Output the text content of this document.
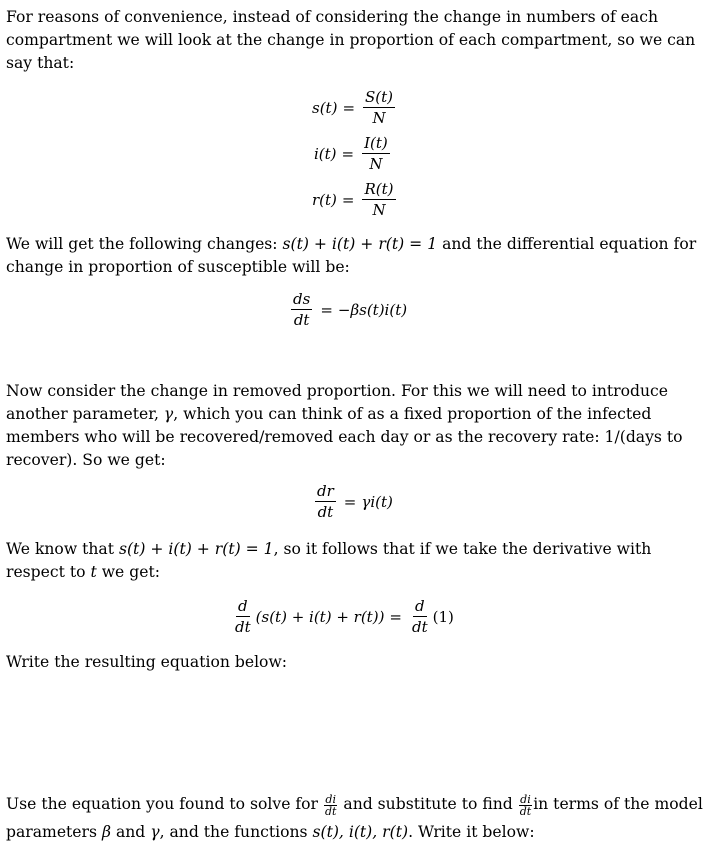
For reasons of convenience, instead of considering the change in numbers of each compartment we will look at the change in proportion of each compartment, so we can say that:

$s(t) = \frac{S(t)}{N}$
$i(t) = \frac{I(t)}{N}$
$r(t) = \frac{R(t)}{N}$

We will get the following changes: s(t) + i(t) + r(t) = 1 and the differential equation for change in proportion of susceptible will be:

$\frac{ds}{dt} = -\beta s(t)i(t)$

Now consider the change in removed proportion. For this we will need to introduce another parameter, γ, which you can think of as a fixed proportion of the infected members who will be recovered/removed each day or as the recovery rate: 1/(days to recover). So we get:

$\frac{dr}{dt} = \gamma i(t)$

We know that s(t) + i(t) + r(t) = 1, so it follows that if we take the derivative with respect to t we get:

$\frac{d}{dt} (s(t) + i(t) + r(t)) = \frac{d}{dt} (1)$

Write the resulting equation below:

Use the equation you found to solve for $\frac{di}{dt}$ and substitute to find $\frac{di}{dt}$ in terms of the model parameters β and γ, and the functions s(t), i(t), r(t). Write it below:
